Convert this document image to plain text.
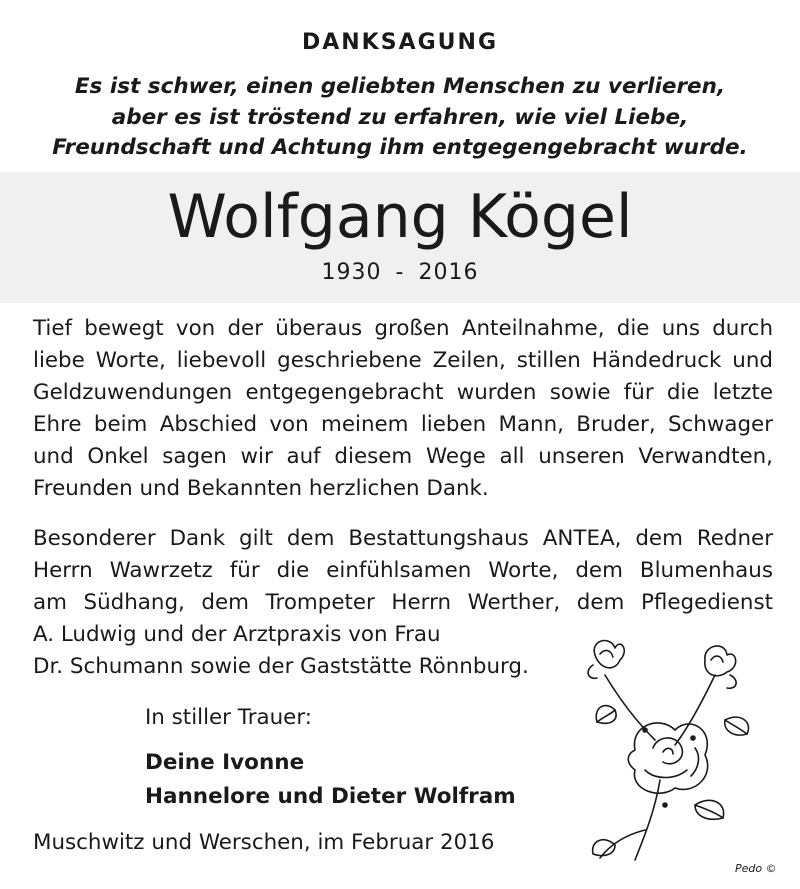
DANKSAGUNG
Es ist schwer, einen geliebten Menschen zu verlieren,
aber es ist tröstend zu erfahren, wie viel Liebe,
Freundschaft und Achtung ihm entgegengebracht wurde.
Wolfgang Kögel
1930 - 2016
Tief bewegt von der überaus großen Anteilnahme, die uns durch
liebe Worte, liebevoll geschriebene Zeilen, stillen Händedruck und
Geldzuwendungen entgegengebracht wurden sowie für die letzte
Ehre beim Abschied von meinem lieben Mann, Bruder, Schwager
und Onkel sagen wir auf diesem Wege all unseren Verwandten,
Freunden und Bekannten herzlichen Dank.
Besonderer Dank gilt dem Bestattungshaus ANTEA, dem Redner
Herrn Wawrzetz für die einfühlsamen Worte, dem Blumenhaus
am Südhang, dem Trompeter Herrn Werther, dem Pflegedienst
A. Ludwig und der Arztpraxis von Frau
Dr. Schumann sowie der Gaststätte Rönnburg.
In stiller Trauer:
Deine Ivonne
Hannelore und Dieter Wolfram
Muschwitz und Werschen, im Februar 2016
Pedo ©
